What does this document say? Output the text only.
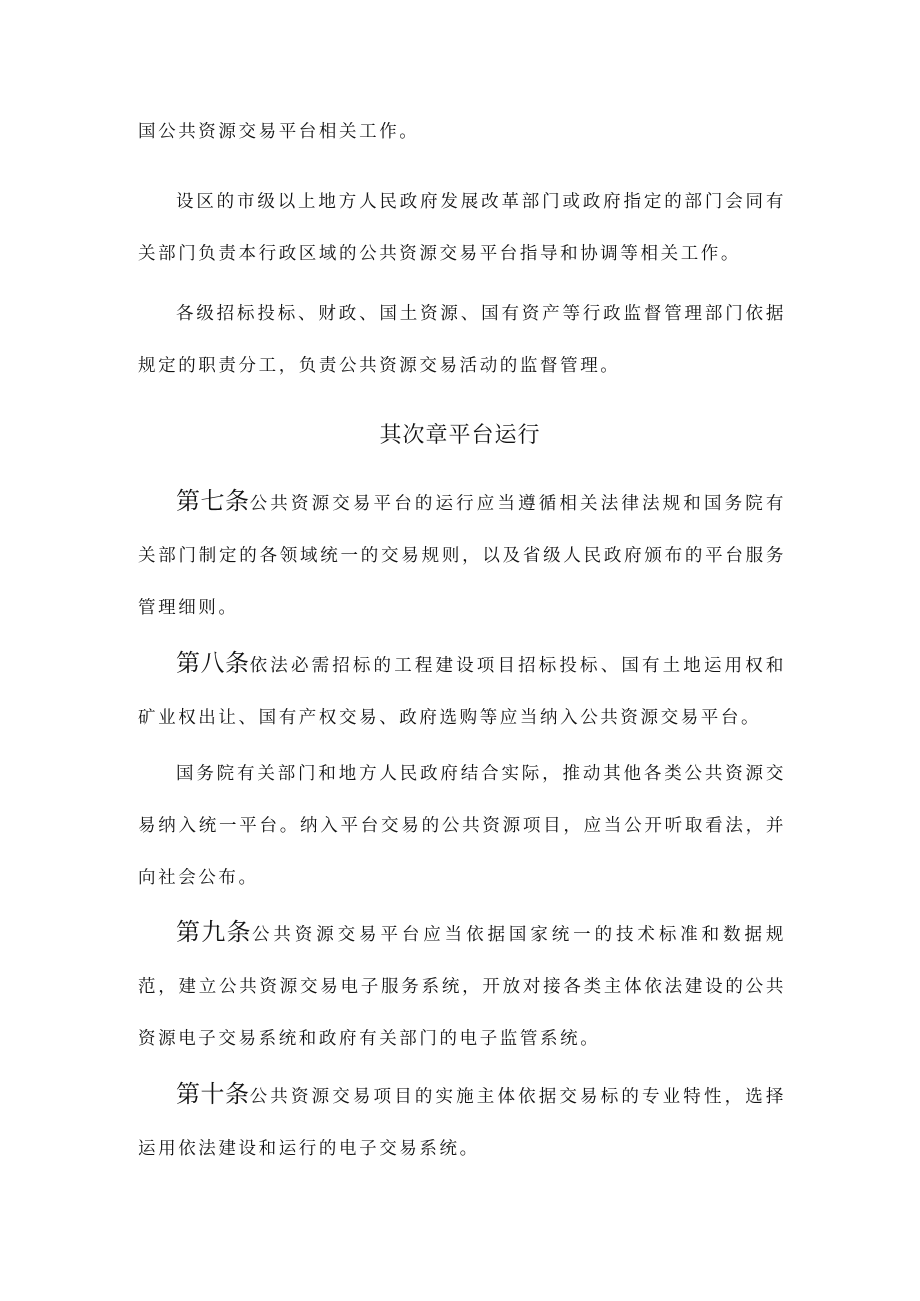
国公共资源交易平台相关工作。

设区的市级以上地方人民政府发展改革部门或政府指定的部门会同有关部门负责本行政区域的公共资源交易平台指导和协调等相关工作。

各级招标投标、财政、国土资源、国有资产等行政监督管理部门依据规定的职责分工，负责公共资源交易活动的监督管理。

其次章平台运行

第七条公共资源交易平台的运行应当遵循相关法律法规和国务院有关部门制定的各领域统一的交易规则，以及省级人民政府颁布的平台服务管理细则。

第八条依法必需招标的工程建设项目招标投标、国有土地运用权和矿业权出让、国有产权交易、政府选购等应当纳入公共资源交易平台。

国务院有关部门和地方人民政府结合实际，推动其他各类公共资源交易纳入统一平台。纳入平台交易的公共资源项目，应当公开听取看法，并向社会公布。

第九条公共资源交易平台应当依据国家统一的技术标准和数据规范，建立公共资源交易电子服务系统，开放对接各类主体依法建设的公共资源电子交易系统和政府有关部门的电子监管系统。

第十条公共资源交易项目的实施主体依据交易标的专业特性，选择运用依法建设和运行的电子交易系统。
